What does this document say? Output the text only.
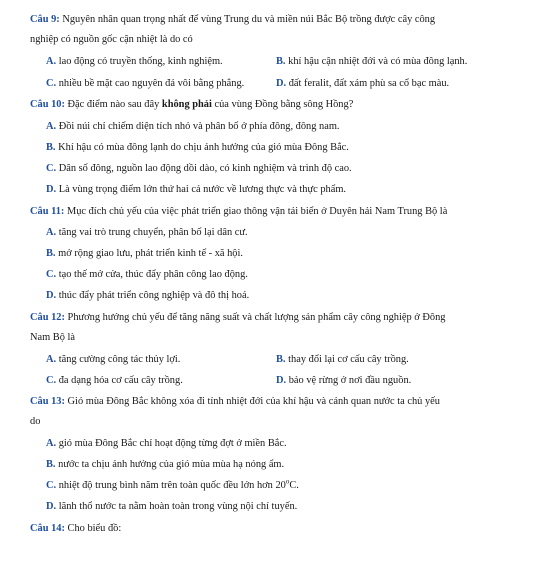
Câu 9: Nguyên nhân quan trọng nhất để vùng Trung du và miền núi Bắc Bộ trồng được cây công
nghiệp có nguồn gốc cận nhiệt là do có
A. lao động có truyền thống, kinh nghiệm.	B. khí hậu cận nhiệt đới và có mùa đông lạnh.
C. nhiều bề mặt cao nguyên đá vôi bằng phẳng.	D. đất feralit, đất xám phù sa cổ bạc màu.
Câu 10: Đặc điểm nào sau đây không phải của vùng Đồng bằng sông Hồng?
A. Đồi núi chỉ chiếm diện tích nhỏ và phân bố ở phía đông, đông nam.
B. Khí hậu có mùa đông lạnh do chịu ảnh hưởng của gió mùa Đông Bắc.
C. Dân số đông, nguồn lao động dồi dào, có kinh nghiệm và trình độ cao.
D. Là vùng trọng điểm lớn thứ hai cả nước về lương thực và thực phẩm.
Câu 11: Mục đích chủ yếu của việc phát triển giao thông vận tải biển ở Duyên hải Nam Trung Bộ là
A. tăng vai trò trung chuyển, phân bố lại dân cư.
B. mở rộng giao lưu, phát triển kinh tế - xã hội.
C. tạo thế mở cửa, thúc đẩy phân công lao động.
D. thúc đẩy phát triển công nghiệp và đô thị hoá.
Câu 12: Phương hướng chủ yếu để tăng năng suất và chất lượng sản phẩm cây công nghiệp ở Đông
Nam Bộ là
A. tăng cường công tác thủy lợi.	B. thay đổi lại cơ cấu cây trồng.
C. đa dạng hóa cơ cấu cây trồng.	D. bảo vệ rừng ở nơi đầu nguồn.
Câu 13: Gió mùa Đông Bắc không xóa đi tính nhiệt đới của khí hậu và cảnh quan nước ta chủ yếu
do
A. gió mùa Đông Bắc chỉ hoạt động từng đợt ở miền Bắc.
B. nước ta chịu ảnh hưởng của gió mùa mùa hạ nóng ẩm.
C. nhiệt độ trung bình năm trên toàn quốc đều lớn hơn 20$^o$C.
D. lãnh thổ nước ta nằm hoàn toàn trong vùng nội chí tuyến.
Câu 14: Cho biểu đồ:
